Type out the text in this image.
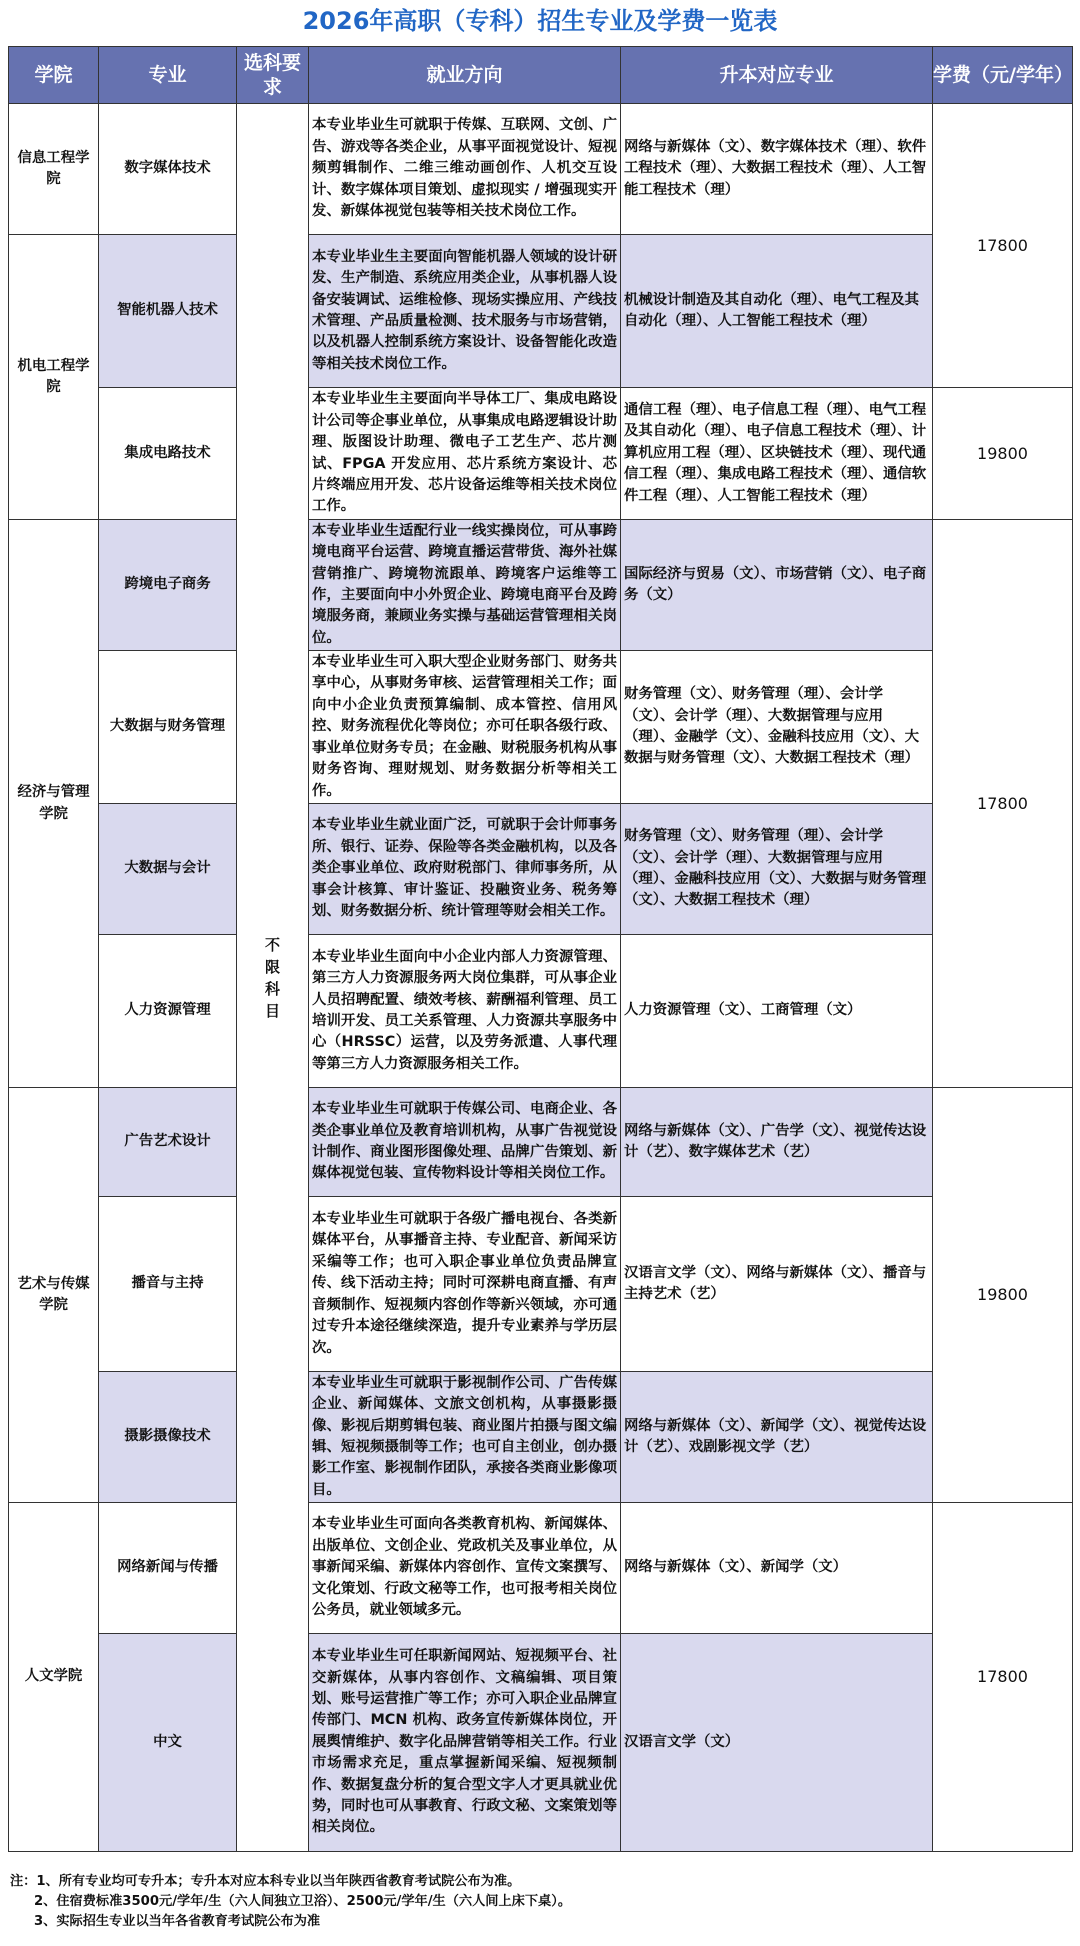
2026年高职（专科）招生专业及学费一览表
学院	专业	选科要求	就业方向	升本对应专业	学费（元/学年）
信息工程学院	数字媒体技术	不限科目	本专业毕业生可就职于传媒、互联网、文创、广告、游戏等各类企业，从事平面视觉设计、短视频剪辑制作、二维三维动画创作、人机交互设计、数字媒体项目策划、虚拟现实 / 增强现实开发、新媒体视觉包装等相关技术岗位工作。	网络与新媒体（文）、数字媒体技术（理）、软件工程技术（理）、大数据工程技术（理）、人工智能工程技术（理）	17800
机电工程学院	智能机器人技术		本专业毕业生主要面向智能机器人领域的设计研发、生产制造、系统应用类企业，从事机器人设备安装调试、运维检修、现场实操应用、产线技术管理、产品质量检测、技术服务与市场营销，以及机器人控制系统方案设计、设备智能化改造等相关技术岗位工作。	机械设计制造及其自动化（理）、电气工程及其自动化（理）、人工智能工程技术（理）	
	集成电路技术		本专业毕业生主要面向半导体工厂、集成电路设计公司等企事业单位，从事集成电路逻辑设计助理、版图设计助理、微电子工艺生产、芯片测试、FPGA 开发应用、芯片系统方案设计、芯片终端应用开发、芯片设备运维等相关技术岗位工作。	通信工程（理）、电子信息工程（理）、电气工程及其自动化（理）、电子信息工程技术（理）、计算机应用工程（理）、区块链技术（理）、现代通信工程（理）、集成电路工程技术（理）、通信软件工程（理）、人工智能工程技术（理）	19800
经济与管理学院	跨境电子商务		本专业毕业生适配行业一线实操岗位，可从事跨境电商平台运营、跨境直播运营带货、海外社媒营销推广、跨境物流跟单、跨境客户运维等工作，主要面向中小外贸企业、跨境电商平台及跨境服务商，兼顾业务实操与基础运营管理相关岗位。	国际经济与贸易（文）、市场营销（文）、电子商务（文）	17800
	大数据与财务管理		本专业毕业生可入职大型企业财务部门、财务共享中心，从事财务审核、运营管理相关工作；面向中小企业负责预算编制、成本管控、信用风控、财务流程优化等岗位；亦可任职各级行政、事业单位财务专员；在金融、财税服务机构从事财务咨询、理财规划、财务数据分析等相关工作。	财务管理（文）、财务管理（理）、会计学（文）、会计学（理）、大数据管理与应用（理）、金融学（文）、金融科技应用（文）、大数据与财务管理（文）、大数据工程技术（理）	
	大数据与会计		本专业毕业生就业面广泛，可就职于会计师事务所、银行、证券、保险等各类金融机构，以及各类企事业单位、政府财税部门、律师事务所，从事会计核算、审计鉴证、投融资业务、税务筹划、财务数据分析、统计管理等财会相关工作。	财务管理（文）、财务管理（理）、会计学（文）、会计学（理）、大数据管理与应用（理）、金融科技应用（文）、大数据与财务管理（文）、大数据工程技术（理）	
	人力资源管理		本专业毕业生面向中小企业内部人力资源管理、第三方人力资源服务两大岗位集群，可从事企业人员招聘配置、绩效考核、薪酬福利管理、员工培训开发、员工关系管理、人力资源共享服务中心（HRSSC）运营，以及劳务派遣、人事代理等第三方人力资源服务相关工作。	人力资源管理（文）、工商管理（文）	
艺术与传媒学院	广告艺术设计		本专业毕业生可就职于传媒公司、电商企业、各类企事业单位及教育培训机构，从事广告视觉设计制作、商业图形图像处理、品牌广告策划、新媒体视觉包装、宣传物料设计等相关岗位工作。	网络与新媒体（文）、广告学（文）、视觉传达设计（艺）、数字媒体艺术（艺）	19800
	播音与主持		本专业毕业生可就职于各级广播电视台、各类新媒体平台，从事播音主持、专业配音、新闻采访采编等工作；也可入职企事业单位负责品牌宣传、线下活动主持；同时可深耕电商直播、有声音频制作、短视频内容创作等新兴领域，亦可通过专升本途径继续深造，提升专业素养与学历层次。	汉语言文学（文）、网络与新媒体（文）、播音与主持艺术（艺）	
	摄影摄像技术		本专业毕业生可就职于影视制作公司、广告传媒企业、新闻媒体、文旅文创机构，从事摄影摄像、影视后期剪辑包装、商业图片拍摄与图文编辑、短视频摄制等工作；也可自主创业，创办摄影工作室、影视制作团队，承接各类商业影像项目。	网络与新媒体（文）、新闻学（文）、视觉传达设计（艺）、戏剧影视文学（艺）	
人文学院	网络新闻与传播		本专业毕业生可面向各类教育机构、新闻媒体、出版单位、文创企业、党政机关及事业单位，从事新闻采编、新媒体内容创作、宣传文案撰写、文化策划、行政文秘等工作，也可报考相关岗位公务员，就业领域多元。	网络与新媒体（文）、新闻学（文）	17800
	中文		本专业毕业生可任职新闻网站、短视频平台、社交新媒体，从事内容创作、文稿编辑、项目策划、账号运营推广等工作；亦可入职企业品牌宣传部门、MCN 机构、政务宣传新媒体岗位，开展舆情维护、数字化品牌营销等相关工作。行业市场需求充足，重点掌握新闻采编、短视频制作、数据复盘分析的复合型文字人才更具就业优势，同时也可从事教育、行政文秘、文案策划等相关岗位。	汉语言文学（文）	
注：1、所有专业均可专升本；专升本对应本科专业以当年陕西省教育考试院公布为准。
2、住宿费标准3500元/学年/生（六人间独立卫浴）、2500元/学年/生（六人间上床下桌）。
3、实际招生专业以当年各省教育考试院公布为准
